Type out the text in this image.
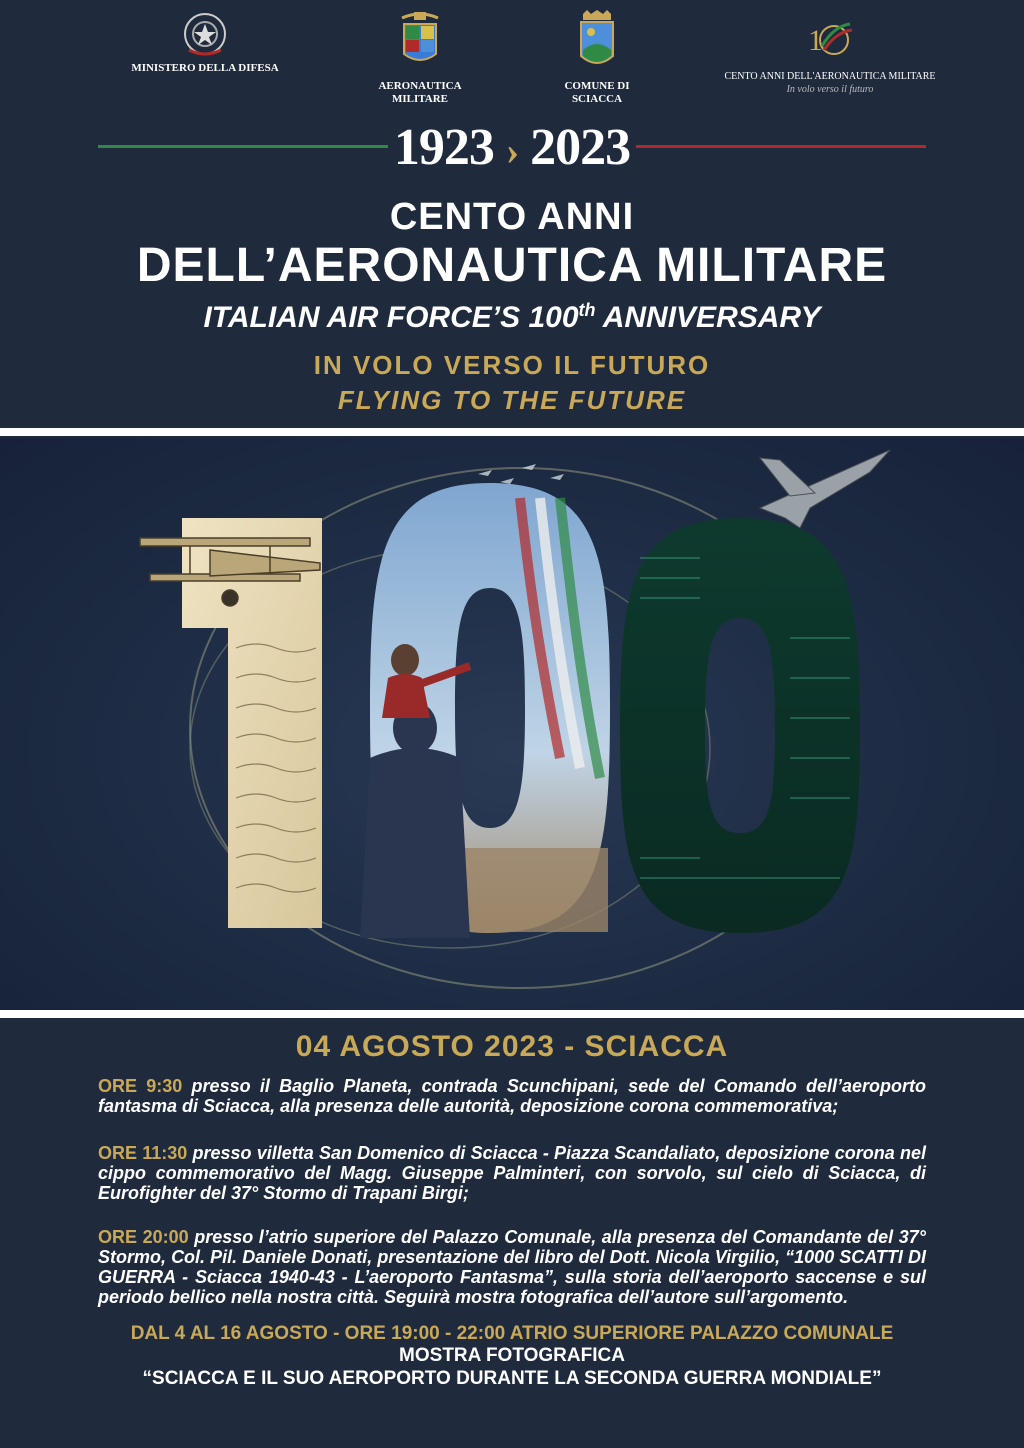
MINISTERO DELLA DIFESA
AERONAUTICA
MILITARE
COMUNE DI
SCIACCA
1
CENTO ANNI DELL'AERONAUTICA MILITARE
In volo verso il futuro
1923 › 2023
CENTO ANNI
DELL’AERONAUTICA MILITARE
ITALIAN AIR FORCE’S 100th ANNIVERSARY
IN VOLO VERSO IL FUTURO
FLYING TO THE FUTURE
04 AGOSTO 2023 - SCIACCA
ORE 9:30 presso il Baglio Planeta, contrada Scunchipani, sede del Comando dell’aeroporto fantasma di Sciacca, alla presenza delle autorità, deposizione corona commemorativa;
ORE 11:30 presso villetta San Domenico di Sciacca - Piazza Scandaliato, deposizione corona nel cippo commemorativo del Magg. Giuseppe Palminteri, con sorvolo, sul cielo di Sciacca, di Eurofighter del 37° Stormo di Trapani Birgi;
ORE 20:00 presso l’atrio superiore del Palazzo Comunale, alla presenza del Comandante del 37° Stormo, Col. Pil. Daniele Donati, presentazione del libro del Dott. Nicola Virgilio, “1000 SCATTI DI GUERRA - Sciacca 1940-43 - L’aeroporto Fantasma”, sulla storia dell’aeroporto saccense e sul periodo bellico nella nostra città. Seguirà mostra fotografica dell’autore sull’argomento.
DAL 4 AL 16 AGOSTO - ORE 19:00 - 22:00 ATRIO SUPERIORE PALAZZO COMUNALE
MOSTRA FOTOGRAFICA
“SCIACCA E IL SUO AEROPORTO DURANTE LA SECONDA GUERRA MONDIALE”
